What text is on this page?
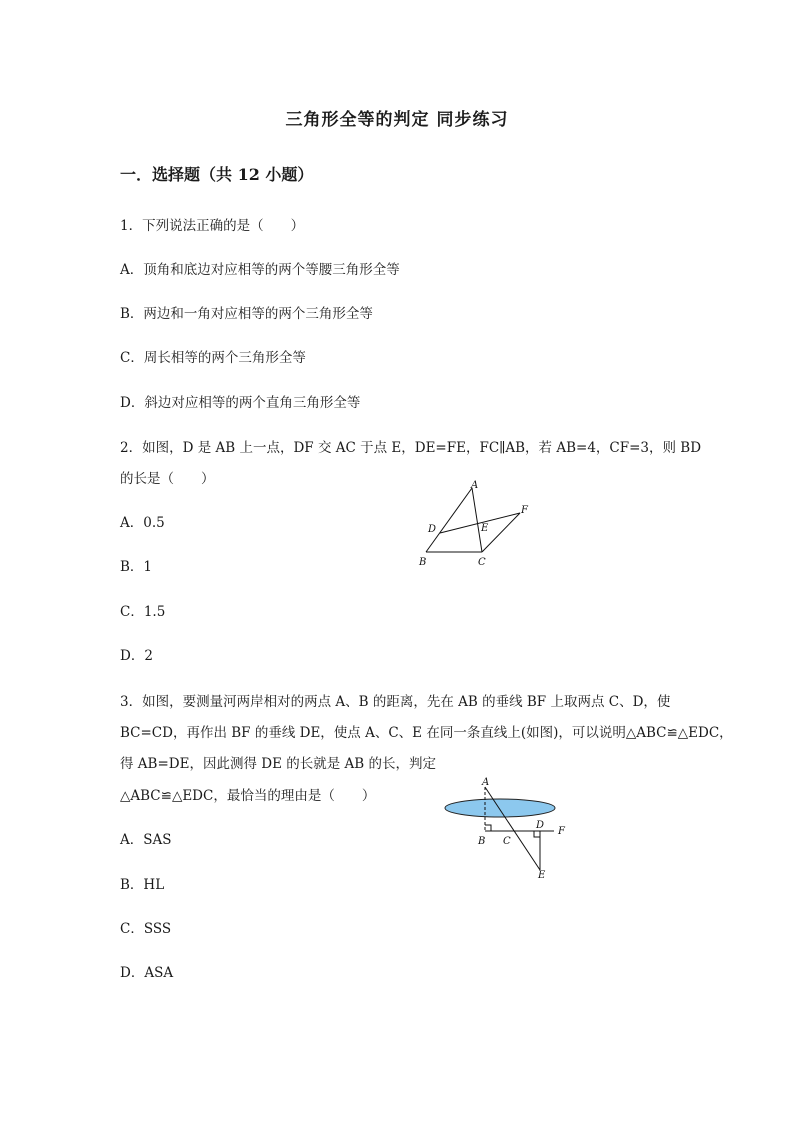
三角形全等的判定 同步练习
一．选择题（共 12 小题）
1．下列说法正确的是（　　）
A．顶角和底边对应相等的两个等腰三角形全等
B．两边和一角对应相等的两个三角形全等
C．周长相等的两个三角形全等
D．斜边对应相等的两个直角三角形全等
2．如图，D 是 AB 上一点，DF 交 AC 于点 E，DE=FE，FC∥AB，若 AB=4，CF=3，则 BD
的长是（　　）
A．0.5
B．1
C．1.5
D．2
A
D	E
F
B	C
3．如图，要测量河两岸相对的两点 A、B 的距离，先在 AB 的垂线 BF 上取两点 C、D，使
BC=CD，再作出 BF 的垂线 DE，使点 A、C、E 在同一条直线上(如图)，可以说明△ABC≌△EDC，
得 AB=DE，因此测得 DE 的长就是 AB 的长，判定
△ABC≌△EDC，最恰当的理由是（　　）
A．SAS
B．HL
C．SSS
D．ASA
A
B C
D
F
E
